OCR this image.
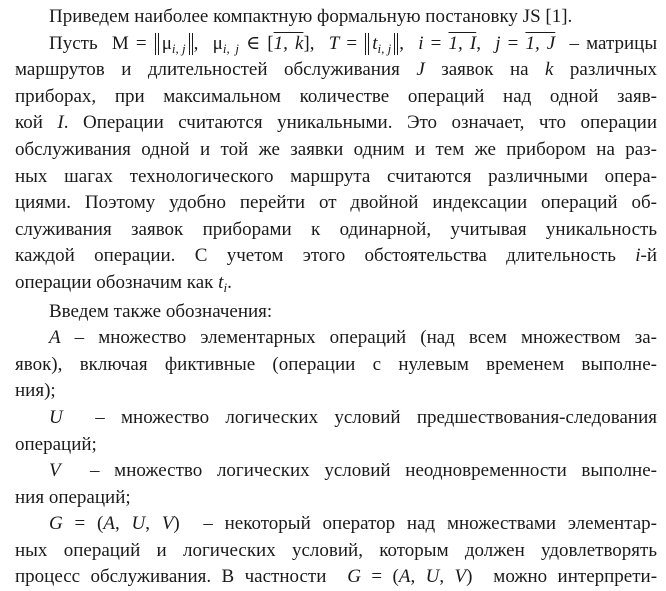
Приведем наиболее компактную формальную постановку JS [1].
Пусть $M = \mu_{i, j}$ ,  $\mu_{i, j}$ ∈ [1, k],  $T = t_{i, j}$ ,  i = 1, I,  j = 1, J – матрицы
маршрутов и длительностей обслуживания J заявок на k различных
приборах, при максимальном количестве операций над одной заяв-
кой I. Операции считаются уникальными. Это означает, что операции
обслуживания одной и той же заявки одним и тем же прибором на раз-
ных шагах технологического маршрута считаются различными опера-
циями. Поэтому удобно перейти от двойной индексации операций об-
служивания заявок приборами к одинарной, учитывая уникальность
каждой операции. С учетом этого обстоятельства длительность i-й
операции обозначим как $t_i$.
Введем также обозначения:
A – множество элементарных операций (над всем множеством за-
явок), включая фиктивные (операции с нулевым временем выполне-
ния);
U – множество логических условий предшествования-следования
операций;
V – множество логических условий неодновременности выполне-
ния операций;
G = (A, U, V)  – некоторый оператор над множествами элементар-
ных операций и логических условий, которым должен удовлетворять
процесс обслуживания. В частности G = (A, U, V)  можно интерпрети-
